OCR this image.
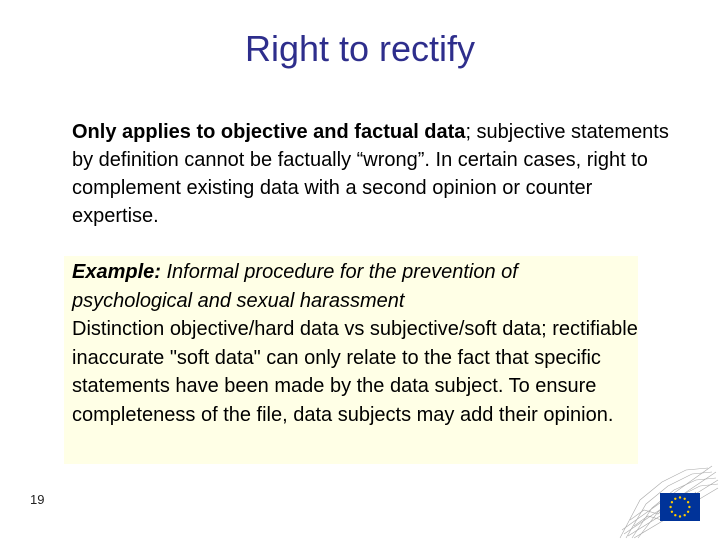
Right to rectify
Only applies to objective and factual data; subjective statements by definition cannot be factually “wrong”. In certain cases, right to complement existing data with a second opinion or counter expertise.
Example: Informal procedure for the prevention of psychological and sexual harassment
Distinction objective/hard data vs subjective/soft data; rectifiable inaccurate "soft data" can only relate to the fact that specific statements have been made by the data subject. To ensure completeness of the file, data subjects may add their opinion.
19
